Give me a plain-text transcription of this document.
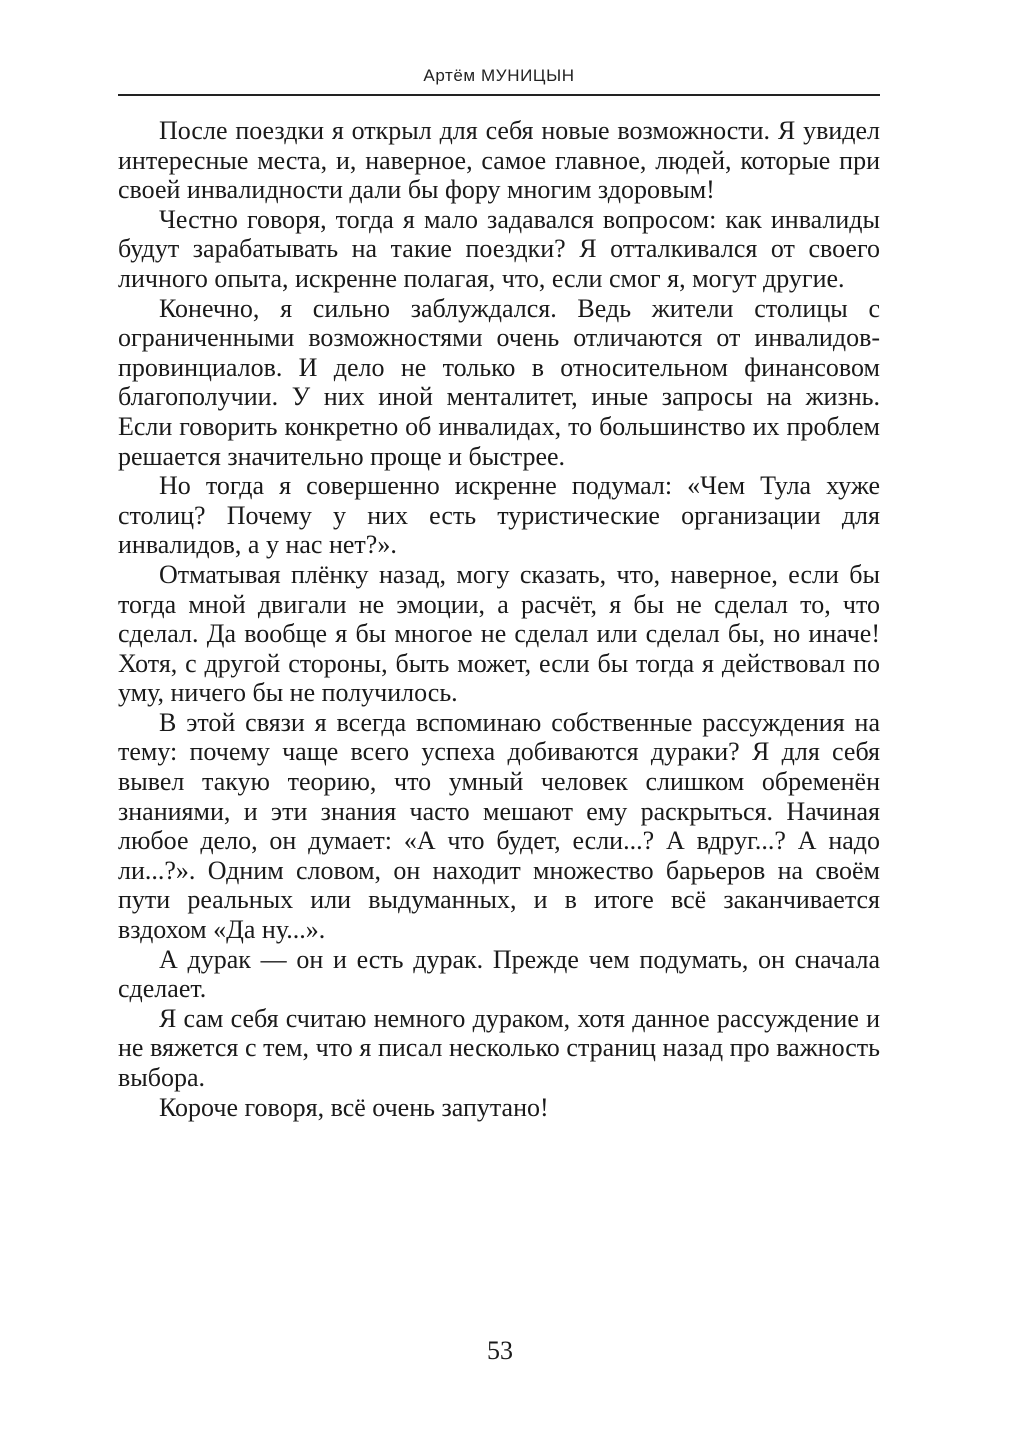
Артём МУНИЦЫН

После поездки я открыл для себя новые возможности. Я увидел интересные места, и, наверное, самое главное, людей, которые при своей инвалидности дали бы фору многим здоровым!

Честно говоря, тогда я мало задавался вопросом: как инвалиды будут зарабатывать на такие поездки? Я отталкивался от своего личного опыта, искренне полагая, что, если смог я, могут другие.

Конечно, я сильно заблуждался. Ведь жители столицы с ограниченными возможностями очень отличаются от инвалидов-провинциалов. И дело не только в относительном финансовом благополучии. У них иной менталитет, иные запросы на жизнь. Если говорить конкретно об инвалидах, то большинство их проблем решается значительно проще и быстрее.

Но тогда я совершенно искренне подумал: «Чем Тула хуже столиц? Почему у них есть туристические организации для инвалидов, а у нас нет?».

Отматывая плёнку назад, могу сказать, что, наверное, если бы тогда мной двигали не эмоции, а расчёт, я бы не сделал то, что сделал. Да вообще я бы многое не сделал или сделал бы, но иначе! Хотя, с другой стороны, быть может, если бы тогда я действовал по уму, ничего бы не получилось.

В этой связи я всегда вспоминаю собственные рассуждения на тему: почему чаще всего успеха добиваются дураки? Я для себя вывел такую теорию, что умный человек слишком обременён знаниями, и эти знания часто мешают ему раскрыться. Начиная любое дело, он думает: «А что будет, если...? А вдруг...? А надо ли...?». Одним словом, он находит множество барьеров на своём пути реальных или выдуманных, и в итоге всё заканчивается вздохом «Да ну...».

А дурак — он и есть дурак. Прежде чем подумать, он сначала сделает.

Я сам себя считаю немного дураком, хотя данное рассуждение и не вяжется с тем, что я писал несколько страниц назад про важность выбора.

Короче говоря, всё очень запутано!

53
